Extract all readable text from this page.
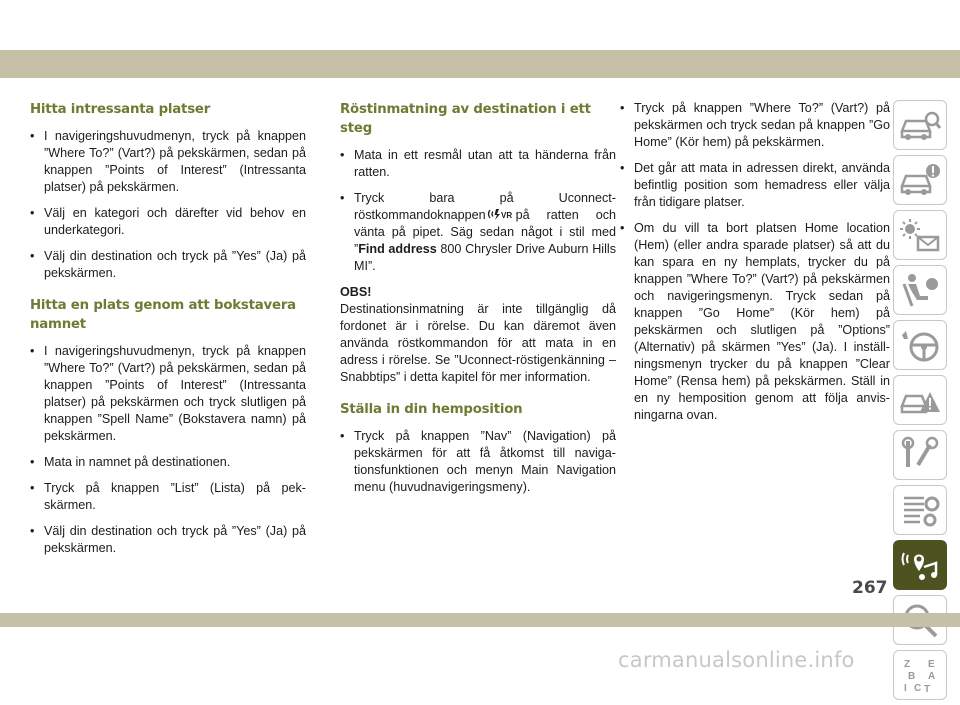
Hitta intressanta platser

• I navigeringshuvudmenyn, tryck på knappen ”Where To?” (Vart?) på pekskärmen, sedan på knappen ”Points of Interest” (Intressanta platser) på pekskärmen.

• Välj en kategori och därefter vid behov en underkategori.

• Välj din destination och tryck på ”Yes” (Ja) på pekskärmen.

Hitta en plats genom att bokstavera namnet

• I navigeringshuvudmenyn, tryck på knappen ”Where To?” (Vart?) på pekskärmen, sedan på knappen ”Points of Interest” (Intressanta platser) på pekskärmen och tryck slutligen på knappen ”Spell Name” (Bokstavera namn) på pekskärmen.

• Mata in namnet på destinationen.

• Tryck på knappen ”List” (Lista) på pekskärmen.

• Välj din destination och tryck på ”Yes” (Ja) på pekskärmen.

Röstinmatning av destination i ett steg

• Mata in ett resmål utan att ta händerna från ratten.

• Tryck bara på Uconnect-röstkommandoknappen VR på ratten och vänta på pipet. Säg sedan något i stil med ”Find address 800 Chrysler Drive Auburn Hills MI”.

OBS!

Destinationsinmatning är inte tillgänglig då fordonet är i rörelse. Du kan däremot även använda röstkommandon för att mata in en adress i rörelse. Se ”Uconnect-röstigenkänning – Snabbtips” i detta kapitel för mer information.

Ställa in din hemposition

• Tryck på knappen ”Nav” (Navigation) på pekskärmen för att få åtkomst till navigationsfunktionen och menyn Main Navigation menu (huvudnavigeringsmeny).

• Tryck på knappen ”Where To?” (Vart?) på pekskärmen och tryck sedan på knappen ”Go Home” (Kör hem) på pekskärmen.

• Det går att mata in adressen direkt, använda befintlig position som hemadress eller välja från tidigare platser.

• Om du vill ta bort platsen Home location (Hem) (eller andra sparade platser) så att du kan spara en ny hemplats, trycker du på knappen ”Where To?” (Vart?) på pekskärmen och navigeringsmenyn. Tryck sedan på knappen ”Go Home” (Kör hem) på pekskärmen och slutligen på ”Options” (Alternativ) på skärmen ”Yes” (Ja). I inställningsmenyn trycker du på knappen ”Clear Home” (Rensa hem) på pekskärmen. Ställ in en ny hemposition genom att följa anvisningarna ovan.

Z E
B A
C
I T
267
carmanualsonline.info
